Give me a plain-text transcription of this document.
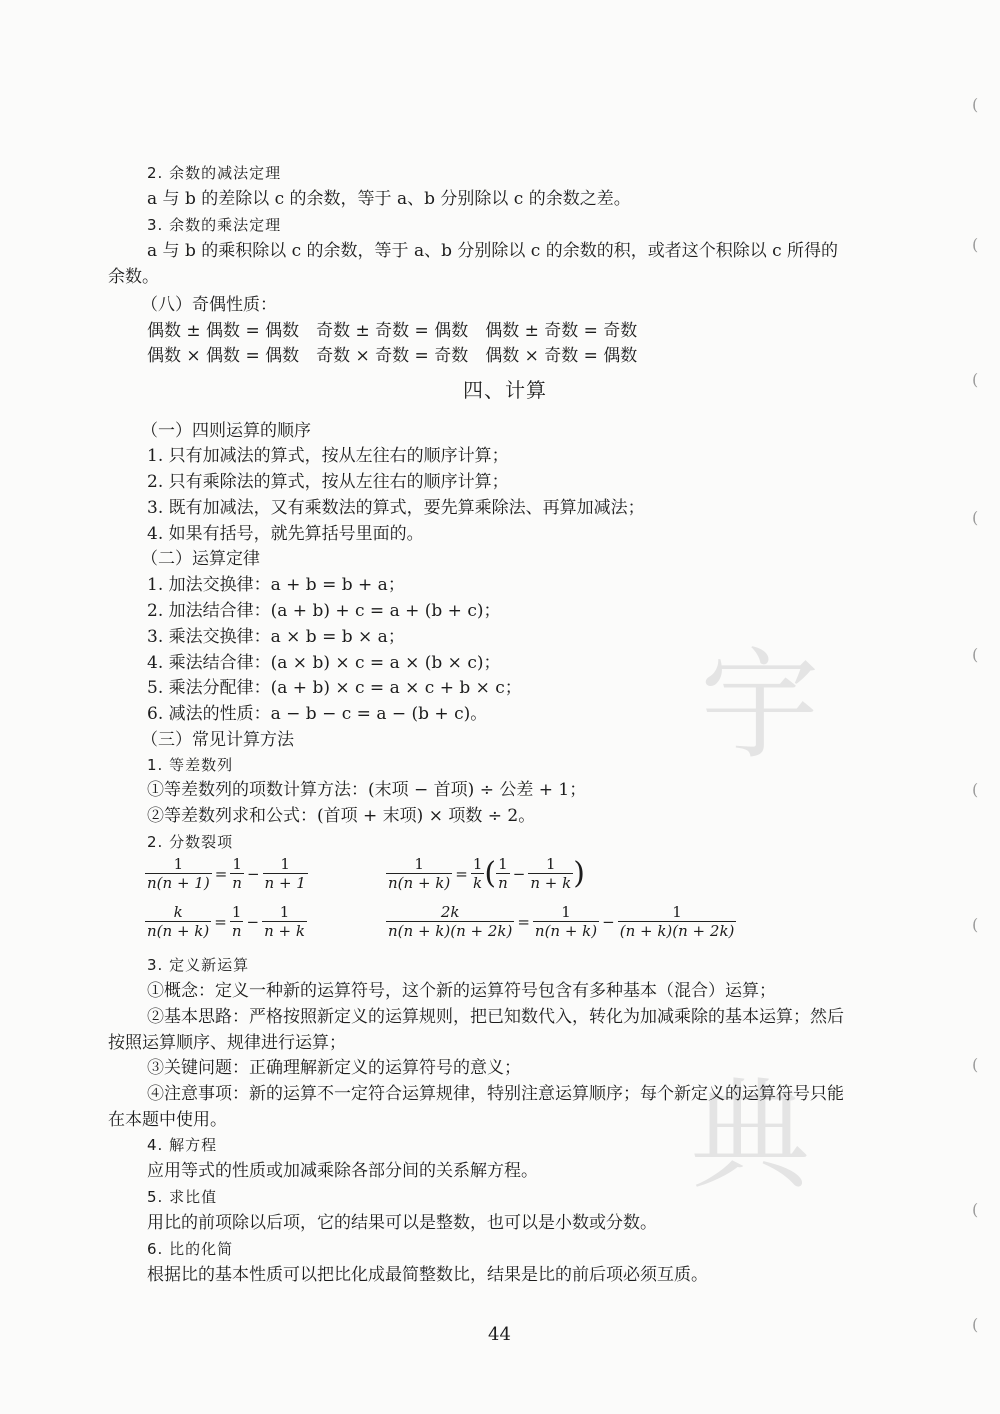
宇
典
(
(
(
(
(
(
(
(
(
(
2. 余数的减法定理
a 与 b 的差除以 c 的余数，等于 a、b 分别除以 c 的余数之差。
3. 余数的乘法定理
a 与 b 的乘积除以 c 的余数，等于 a、b 分别除以 c 的余数的积，或者这个积除以 c 所得的
余数。
（八）奇偶性质：
偶数 ± 偶数 = 偶数　奇数 ± 奇数 = 偶数　偶数 ± 奇数 = 奇数
偶数 × 偶数 = 偶数　奇数 × 奇数 = 奇数　偶数 × 奇数 = 偶数
四、计算
（一）四则运算的顺序
1. 只有加减法的算式，按从左往右的顺序计算；
2. 只有乘除法的算式，按从左往右的顺序计算；
3. 既有加减法，又有乘数法的算式，要先算乘除法、再算加减法；
4. 如果有括号，就先算括号里面的。
（二）运算定律
1. 加法交换律：a + b = b + a；
2. 加法结合律：(a + b) + c = a + (b + c)；
3. 乘法交换律：a × b = b × a；
4. 乘法结合律：(a × b) × c = a × (b × c)；
5. 乘法分配律：(a + b) × c = a × c + b × c；
6. 减法的性质：a − b − c = a − (b + c)。
（三）常见计算方法
1. 等差数列
①等差数列的项数计算方法：(末项 − 首项) ÷ 公差 + 1；
②等差数列求和公式：(首项 + 末项) × 项数 ÷ 2。
2. 分数裂项
$\frac{1}{n(n + 1)} = \frac{1}{n} - \frac{1}{n + 1}$	$\frac{1}{n(n + k)} = \frac{1}{k}$ ( $\frac{1}{n} - \frac{1}{n + k}$ )
$\frac{k}{n(n + k)} = \frac{1}{n} - \frac{1}{n + k}$	$\frac{2k}{n(n + k)(n + 2k)} = \frac{1}{n(n + k)} - \frac{1}{(n + k)(n + 2k)}$
3. 定义新运算
①概念：定义一种新的运算符号，这个新的运算符号包含有多种基本（混合）运算；
②基本思路：严格按照新定义的运算规则，把已知数代入，转化为加减乘除的基本运算；然后
按照运算顺序、规律进行运算；
③关键问题：正确理解新定义的运算符号的意义；
④注意事项：新的运算不一定符合运算规律，特别注意运算顺序；每个新定义的运算符号只能
在本题中使用。
4. 解方程
应用等式的性质或加减乘除各部分间的关系解方程。
5. 求比值
用比的前项除以后项，它的结果可以是整数，也可以是小数或分数。
6. 比的化简
根据比的基本性质可以把比化成最简整数比，结果是比的前后项必须互质。
44
